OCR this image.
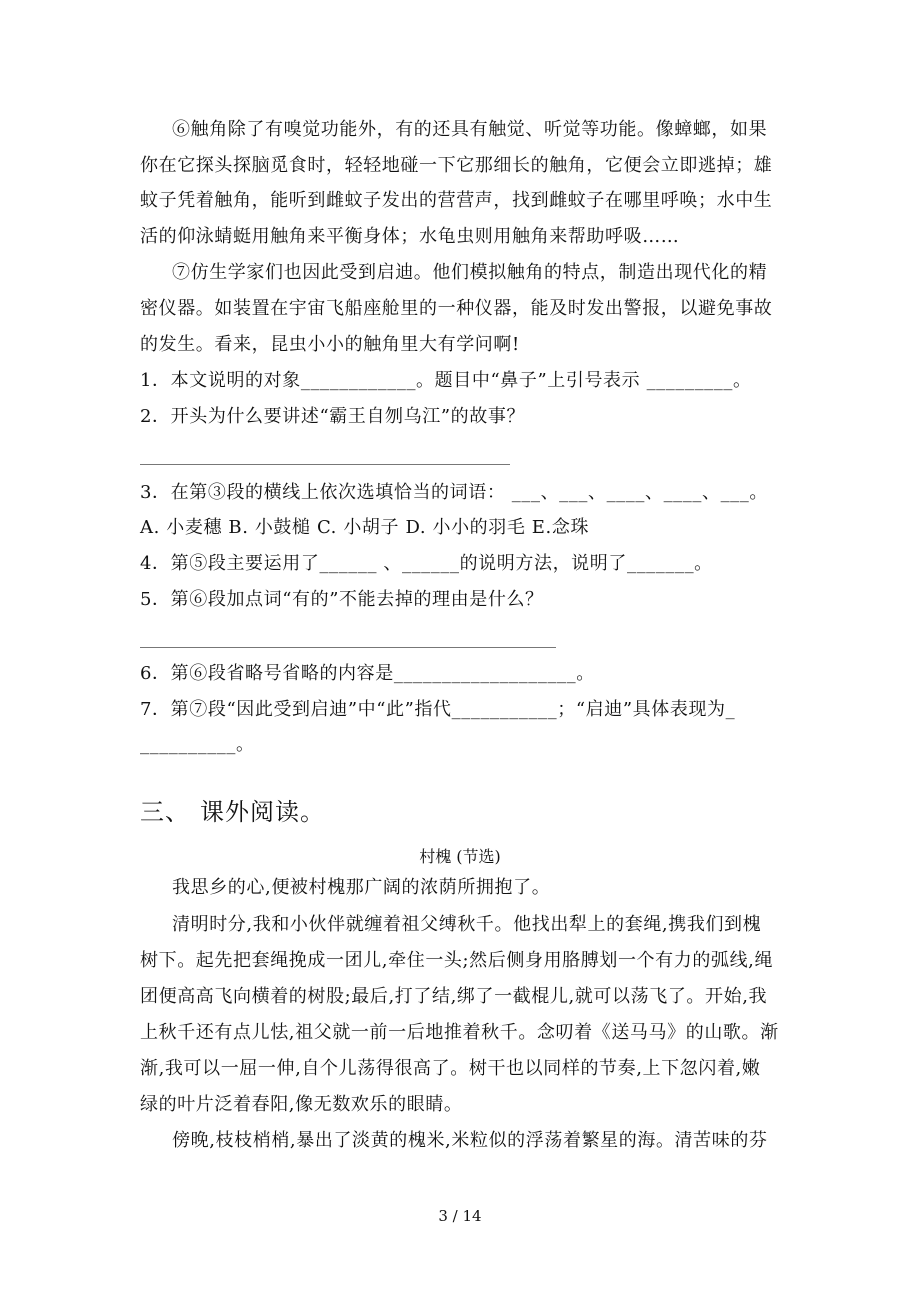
⑥触角除了有嗅觉功能外，有的还具有触觉、听觉等功能。像蟑螂，如果
你在它探头探脑觅食时，轻轻地碰一下它那细长的触角，它便会立即逃掉；雄
蚊子凭着触角，能听到雌蚊子发出的营营声，找到雌蚊子在哪里呼唤；水中生
活的仰泳蜻蜓用触角来平衡身体；水龟虫则用触角来帮助呼吸……
⑦仿生学家们也因此受到启迪。他们模拟触角的特点，制造出现代化的精
密仪器。如装置在宇宙飞船座舱里的一种仪器，能及时发出警报，以避免事故
的发生。看来，昆虫小小的触角里大有学问啊!
1．本文说明的对象____________。题目中“鼻子”上引号表示 _________。
2．开头为什么要讲述“霸王自刎乌江”的故事？
3．在第③段的横线上依次选填恰当的词语： ___、___、____、____、___。
A. 小麦穗 B. 小鼓槌 C. 小胡子 D. 小小的羽毛 E.念珠
4．第⑤段主要运用了______ 、______的说明方法，说明了_______。
5．第⑥段加点词“有的”不能去掉的理由是什么？
6．第⑥段省略号省略的内容是___________________。
7．第⑦段“因此受到启迪”中“此”指代___________；“启迪”具体表现为_
__________。
三、 课外阅读。
村槐 (节选)
我思乡的心,便被村槐那广阔的浓荫所拥抱了。
清明时分,我和小伙伴就缠着祖父缚秋千。他找出犁上的套绳,携我们到槐
树下。起先把套绳挽成一团儿,牵住一头;然后侧身用胳膊划一个有力的弧线,绳
团便高高飞向横着的树股;最后,打了结,绑了一截棍儿,就可以荡飞了。开始,我
上秋千还有点儿怯,祖父就一前一后地推着秋千。念叨着《送马马》的山歌。渐
渐,我可以一屈一伸,自个儿荡得很高了。树干也以同样的节奏,上下忽闪着,嫩
绿的叶片泛着春阳,像无数欢乐的眼睛。
傍晚,枝枝梢梢,暴出了淡黄的槐米,米粒似的浮荡着繁星的海。清苦味的芬
3 / 14
